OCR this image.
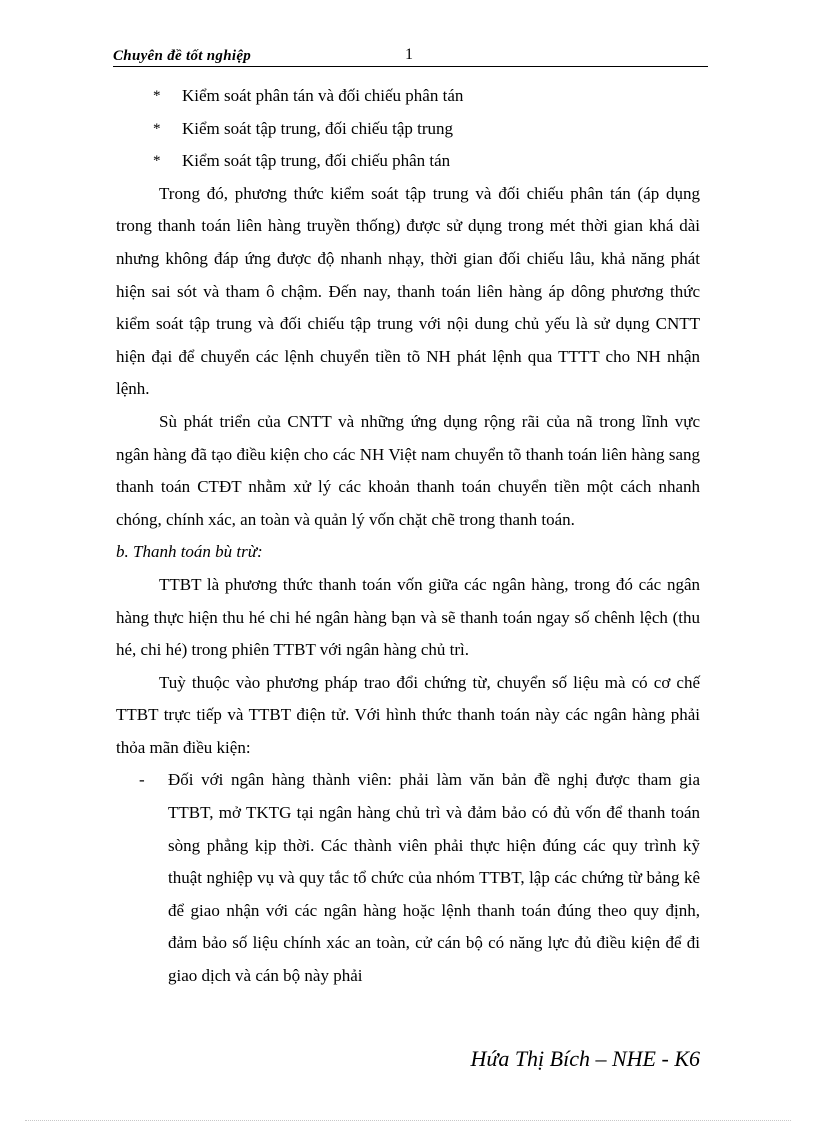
Chuyên đề tốt nghiệp	1
* Kiểm soát phân tán và đối chiếu phân tán
* Kiểm soát tập trung, đối chiếu tập trung
* Kiểm soát tập trung, đối chiếu phân tán
Trong đó, phương thức kiểm soát tập trung và đối chiếu phân tán (áp dụng trong thanh toán liên hàng truyền thống) được sử dụng trong mét thời gian khá dài nhưng không đáp ứng được độ nhanh nhạy, thời gian đối chiếu lâu, khả năng phát hiện sai sót và tham ô chậm. Đến nay, thanh toán liên hàng áp dông phương thức kiểm soát tập trung và đối chiếu tập trung với nội dung chủ yếu là sử dụng CNTT hiện đại để chuyển các lệnh chuyển tiền tõ NH phát lệnh qua TTTT cho NH nhận lệnh.
Sù phát triển của CNTT và những ứng dụng rộng rãi của nã trong lĩnh vực ngân hàng đã tạo điều kiện cho các NH Việt nam chuyển tõ thanh toán liên hàng sang thanh toán CTĐT nhằm xử lý các khoản thanh toán chuyển tiền một cách nhanh chóng, chính xác, an toàn và quản lý vốn chặt chẽ trong thanh toán.
b. Thanh toán bù trừ:
TTBT là phương thức thanh toán vốn giữa các ngân hàng, trong đó các ngân hàng thực hiện thu hé chi hé ngân hàng bạn và sẽ thanh toán ngay số chênh lệch (thu hé, chi hé) trong phiên TTBT với ngân hàng chủ trì.
Tuỳ thuộc vào phương pháp trao đổi chứng từ, chuyển số liệu mà có cơ chế TTBT trực tiếp và TTBT điện tử. Với hình thức thanh toán này các ngân hàng phải thỏa mãn điều kiện:
- Đối với ngân hàng thành viên: phải làm văn bản đề nghị được tham gia TTBT, mở TKTG tại ngân hàng chủ trì và đảm bảo có đủ vốn để thanh toán sòng phẳng kịp thời. Các thành viên phải thực hiện đúng các quy trình kỹ thuật nghiệp vụ và quy tắc tổ chức của nhóm TTBT, lập các chứng từ bảng kê để giao nhận với các ngân hàng hoặc lệnh thanh toán đúng theo quy định, đảm bảo số liệu chính xác an toàn, cử cán bộ có năng lực đủ điều kiện để đi giao dịch và cán bộ này phải
Hứa Thị Bích – NHE - K6
